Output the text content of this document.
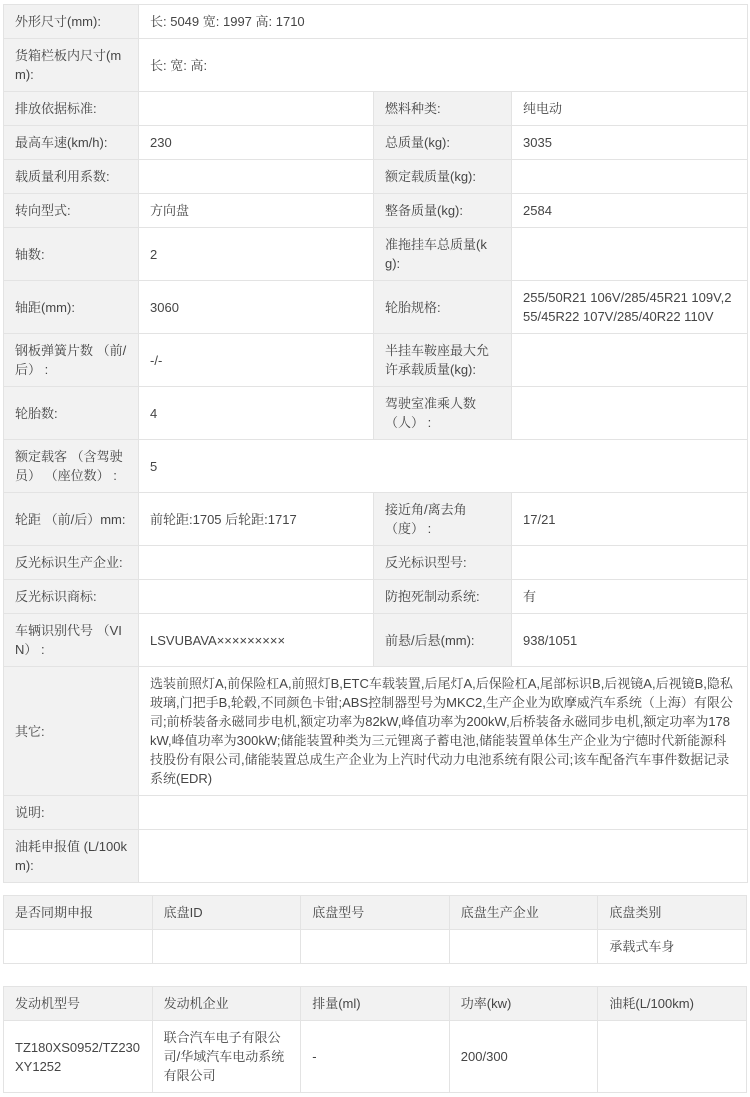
外形尺寸(mm):	长: 5049 宽: 1997 高: 1710		
货箱栏板内尺寸(mm):	长: 宽: 高:		
排放依据标准:		燃料种类:	纯电动
最高车速(km/h):	230	总质量(kg):	3035
载质量利用系数:		额定载质量(kg):	
转向型式:	方向盘	整备质量(kg):	2584
轴数:	2	准拖挂车总质量(kg):	
轴距(mm):	3060	轮胎规格:	255/50R21 106V/285/45R21 109V,255/45R22 107V/285/40R22 110V
钢板弹簧片数 （前/后） :	-/-	半挂车鞍座最大允许承载质量(kg):	
轮胎数:	4	驾驶室准乘人数 （人） :	
额定载客 （含驾驶员） （座位数） :	5		
轮距 （前/后）mm:	前轮距:1705 后轮距:1717	接近角/离去角 （度） :	17/21
反光标识生产企业:		反光标识型号:	
反光标识商标:		防抱死制动系统:	有
车辆识别代号 （VIN） :	LSVUBAVA×××××××××	前悬/后悬(mm):	938/1051
其它:	选装前照灯A,前保险杠A,前照灯B,ETC车载装置,后尾灯A,后保险杠A,尾部标识B,后视镜A,后视镜B,隐私玻璃,门把手B,轮毂,不同颜色卡钳;ABS控制器型号为MKC2,生产企业为欧摩威汽车系统（上海）有限公司;前桥装备永磁同步电机,额定功率为82kW,峰值功率为200kW,后桥装备永磁同步电机,额定功率为178kW,峰值功率为300kW;储能装置种类为三元锂离子蓄电池,储能装置单体生产企业为宁德时代新能源科技股份有限公司,储能装置总成生产企业为上汽时代动力电池系统有限公司;该车配备汽车事件数据记录系统(EDR)		
说明:			
油耗申报值 (L/100km):			
是否同期申报	底盘ID	底盘型号	底盘生产企业	底盘类别
				承载式车身
发动机型号	发动机企业	排量(ml)	功率(kw)	油耗(L/100km)
TZ180XS0952/TZ230XY1252	联合汽车电子有限公司/华域汽车电动系统有限公司	-	200/300	
